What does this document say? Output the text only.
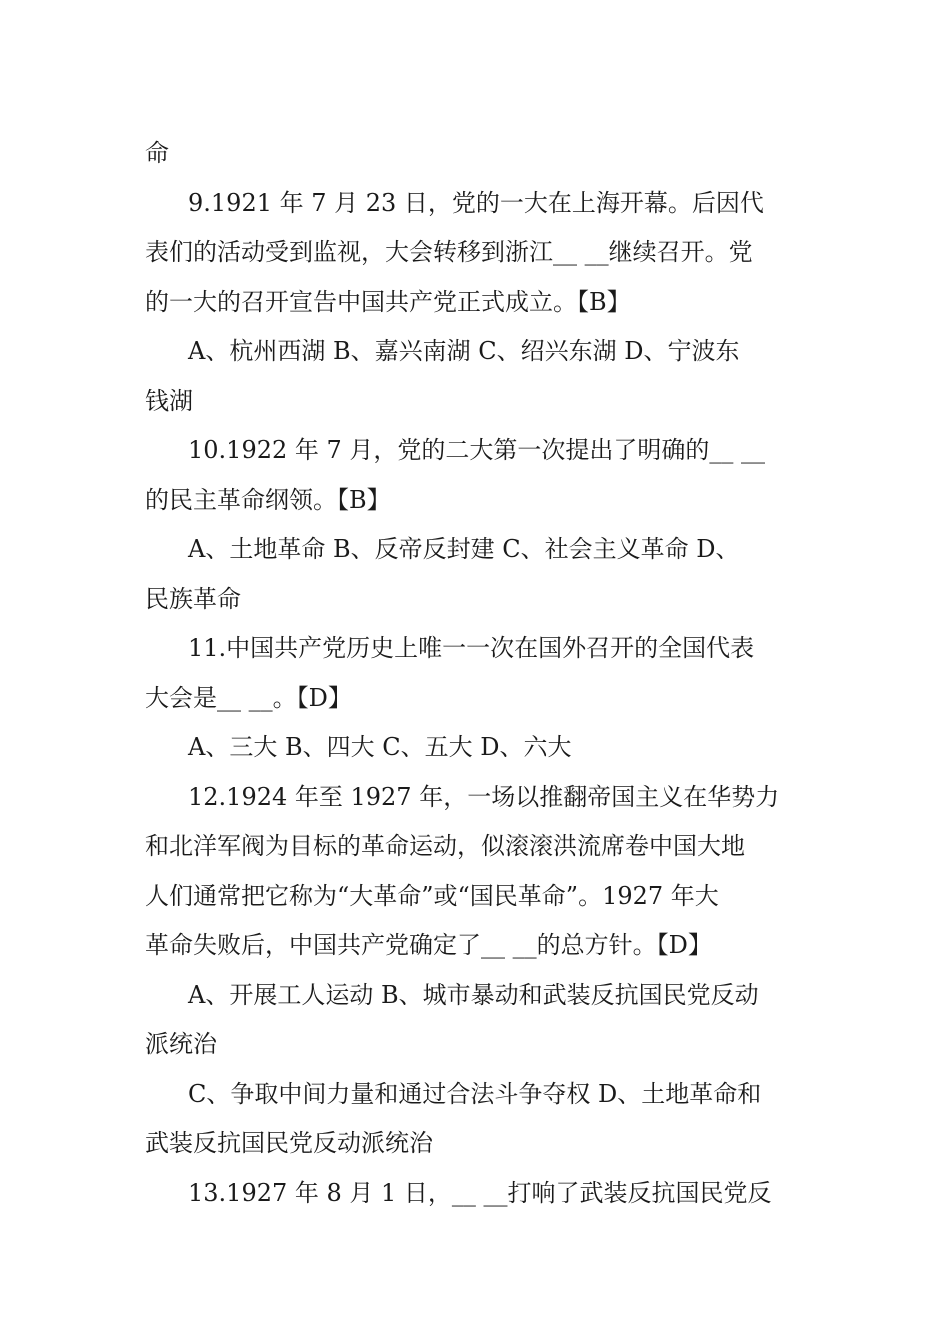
命
9.1921 年 7 月 23 日，党的一大在上海开幕。后因代
表们的活动受到监视，大会转移到浙江__ __继续召开。党
的一大的召开宣告中国共产党正式成立。【B】
A、杭州西湖 B、嘉兴南湖 C、绍兴东湖 D、宁波东
钱湖
10.1922 年 7 月，党的二大第一次提出了明确的__ __
的民主革命纲领。【B】
A、土地革命 B、反帝反封建 C、社会主义革命 D、
民族革命
11.中国共产党历史上唯一一次在国外召开的全国代表
大会是__ __。【D】
A、三大 B、四大 C、五大 D、六大
12.1924 年至 1927 年，一场以推翻帝国主义在华势力
和北洋军阀为目标的革命运动，似滚滚洪流席卷中国大地
人们通常把它称为“大革命”或“国民革命”。1927 年大
革命失败后，中国共产党确定了__ __的总方针。【D】
A、开展工人运动 B、城市暴动和武装反抗国民党反动
派统治
C、争取中间力量和通过合法斗争夺权 D、土地革命和
武装反抗国民党反动派统治
13.1927 年 8 月 1 日，__ __打响了武装反抗国民党反
